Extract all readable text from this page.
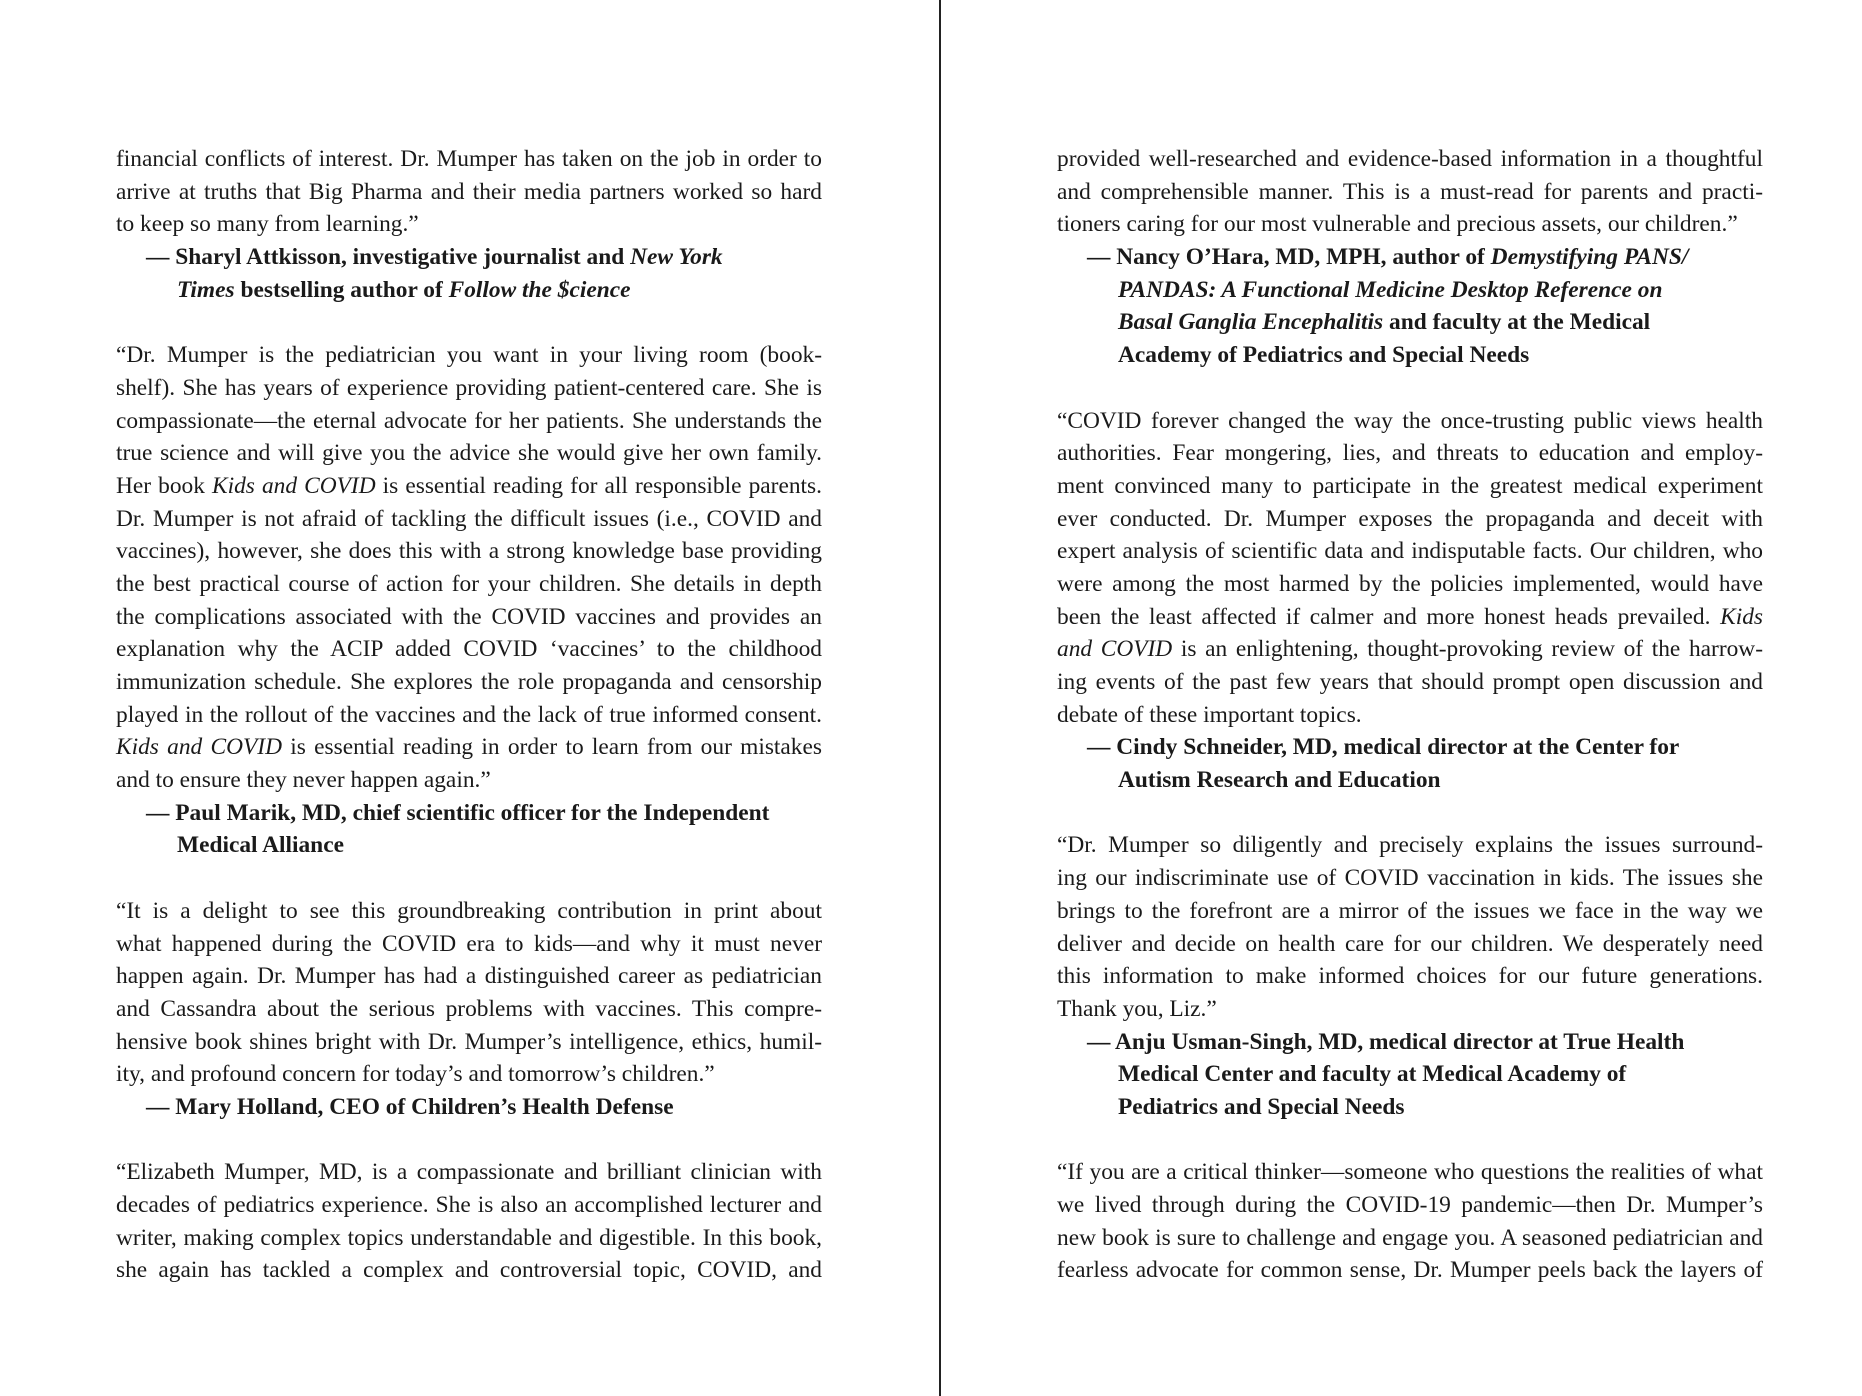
financial conflicts of interest. Dr. Mumper has taken on the job in order to
arrive at truths that Big Pharma and their media partners worked so hard
to keep so many from learning.”
— Sharyl Attkisson, investigative journalist and New York
Times bestselling author of Follow the $cience
“Dr. Mumper is the pediatrician you want in your living room (book-
shelf). She has years of experience providing patient-centered care. She is
compassionate—the eternal advocate for her patients. She understands the
true science and will give you the advice she would give her own family.
Her book Kids and COVID is essential reading for all responsible parents.
Dr. Mumper is not afraid of tackling the difficult issues (i.e., COVID and
vaccines), however, she does this with a strong knowledge base providing
the best practical course of action for your children. She details in depth
the complications associated with the COVID vaccines and provides an
explanation why the ACIP added COVID ‘vaccines’ to the childhood
immunization schedule. She explores the role propaganda and censorship
played in the rollout of the vaccines and the lack of true informed consent.
Kids and COVID is essential reading in order to learn from our mistakes
and to ensure they never happen again.”
— Paul Marik, MD, chief scientific officer for the Independent
Medical Alliance
“It is a delight to see this groundbreaking contribution in print about
what happened during the COVID era to kids—and why it must never
happen again. Dr. Mumper has had a distinguished career as pediatrician
and Cassandra about the serious problems with vaccines. This compre-
hensive book shines bright with Dr. Mumper’s intelligence, ethics, humil-
ity, and profound concern for today’s and tomorrow’s children.”
— Mary Holland, CEO of Children’s Health Defense
“Elizabeth Mumper, MD, is a compassionate and brilliant clinician with
decades of pediatrics experience. She is also an accomplished lecturer and
writer, making complex topics understandable and digestible. In this book,
she again has tackled a complex and controversial topic, COVID, and
provided well-researched and evidence-based information in a thoughtful
and comprehensible manner. This is a must-read for parents and practi-
tioners caring for our most vulnerable and precious assets, our children.”
— Nancy O’Hara, MD, MPH, author of Demystifying PANS/
PANDAS: A Functional Medicine Desktop Reference on
Basal Ganglia Encephalitis and faculty at the Medical
Academy of Pediatrics and Special Needs
“COVID forever changed the way the once-trusting public views health
authorities. Fear mongering, lies, and threats to education and employ-
ment convinced many to participate in the greatest medical experiment
ever conducted. Dr. Mumper exposes the propaganda and deceit with
expert analysis of scientific data and indisputable facts. Our children, who
were among the most harmed by the policies implemented, would have
been the least affected if calmer and more honest heads prevailed. Kids
and COVID is an enlightening, thought-provoking review of the harrow-
ing events of the past few years that should prompt open discussion and
debate of these important topics.
— Cindy Schneider, MD, medical director at the Center for
Autism Research and Education
“Dr. Mumper so diligently and precisely explains the issues surround-
ing our indiscriminate use of COVID vaccination in kids. The issues she
brings to the forefront are a mirror of the issues we face in the way we
deliver and decide on health care for our children. We desperately need
this information to make informed choices for our future generations.
Thank you, Liz.”
— Anju Usman-Singh, MD, medical director at True Health
Medical Center and faculty at Medical Academy of
Pediatrics and Special Needs
“If you are a critical thinker—someone who questions the realities of what
we lived through during the COVID-19 pandemic—then Dr. Mumper’s
new book is sure to challenge and engage you. A seasoned pediatrician and
fearless advocate for common sense, Dr. Mumper peels back the layers of
